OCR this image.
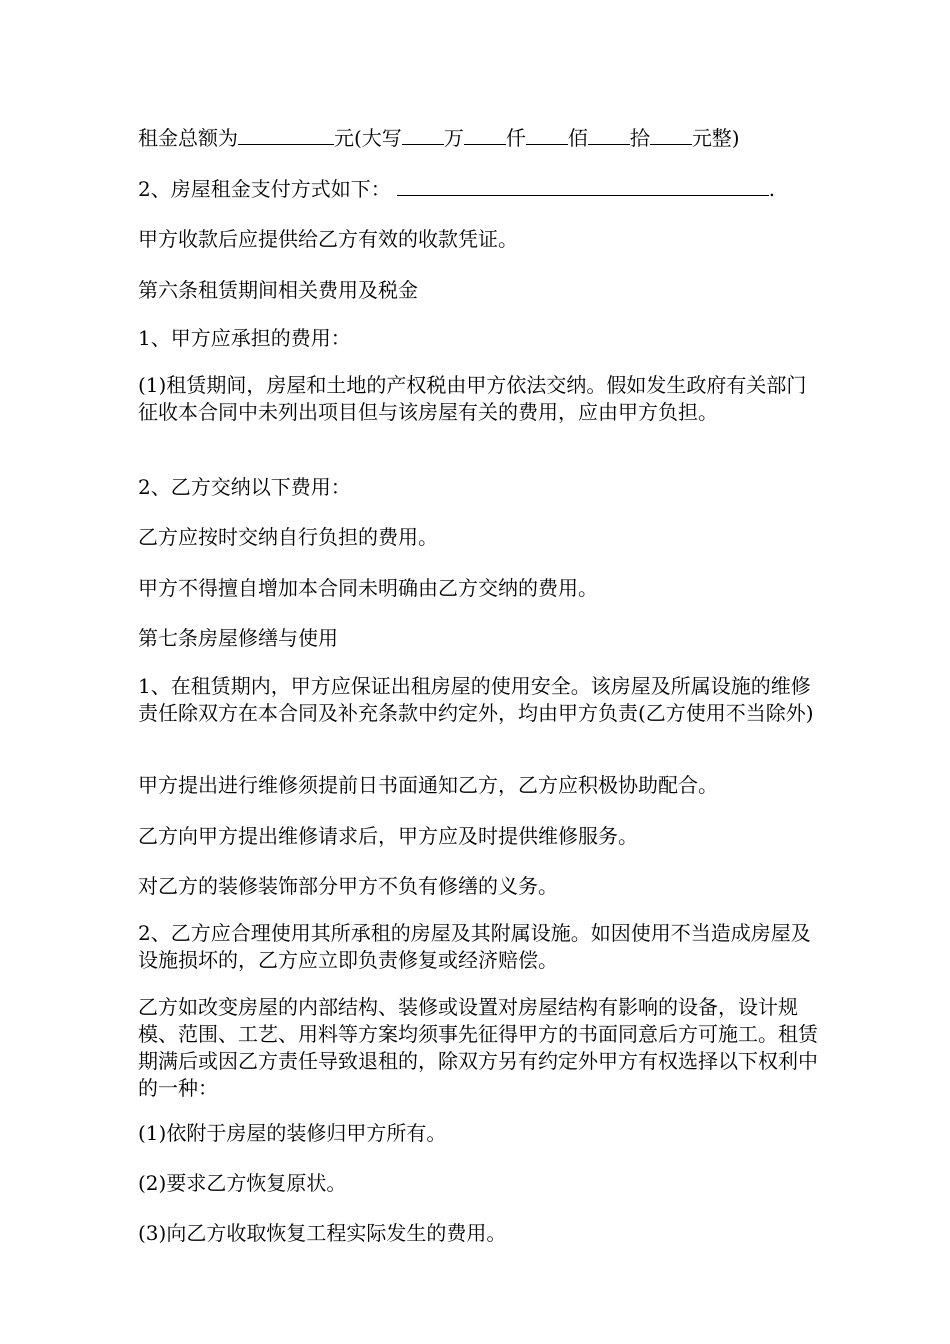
租金总额为	元(大写 万 仟 佰 拾 元整)

2、房屋租金支付方式如下：	.

甲方收款后应提供给乙方有效的收款凭证。

第六条租赁期间相关费用及税金

1、甲方应承担的费用：

(1)租赁期间，房屋和土地的产权税由甲方依法交纳。假如发生政府有关部门征收本合同中未列出项目但与该房屋有关的费用，应由甲方负担。

2、乙方交纳以下费用：

乙方应按时交纳自行负担的费用。

甲方不得擅自增加本合同未明确由乙方交纳的费用。

第七条房屋修缮与使用

1、在租赁期内，甲方应保证出租房屋的使用安全。该房屋及所属设施的维修责任除双方在本合同及补充条款中约定外，均由甲方负责(乙方使用不当除外)

甲方提出进行维修须提前日书面通知乙方，乙方应积极协助配合。

乙方向甲方提出维修请求后，甲方应及时提供维修服务。

对乙方的装修装饰部分甲方不负有修缮的义务。

2、乙方应合理使用其所承租的房屋及其附属设施。如因使用不当造成房屋及设施损坏的，乙方应立即负责修复或经济赔偿。

乙方如改变房屋的内部结构、装修或设置对房屋结构有影响的设备，设计规模、范围、工艺、用料等方案均须事先征得甲方的书面同意后方可施工。租赁期满后或因乙方责任导致退租的，除双方另有约定外甲方有权选择以下权利中的一种：

(1)依附于房屋的装修归甲方所有。

(2)要求乙方恢复原状。

(3)向乙方收取恢复工程实际发生的费用。
